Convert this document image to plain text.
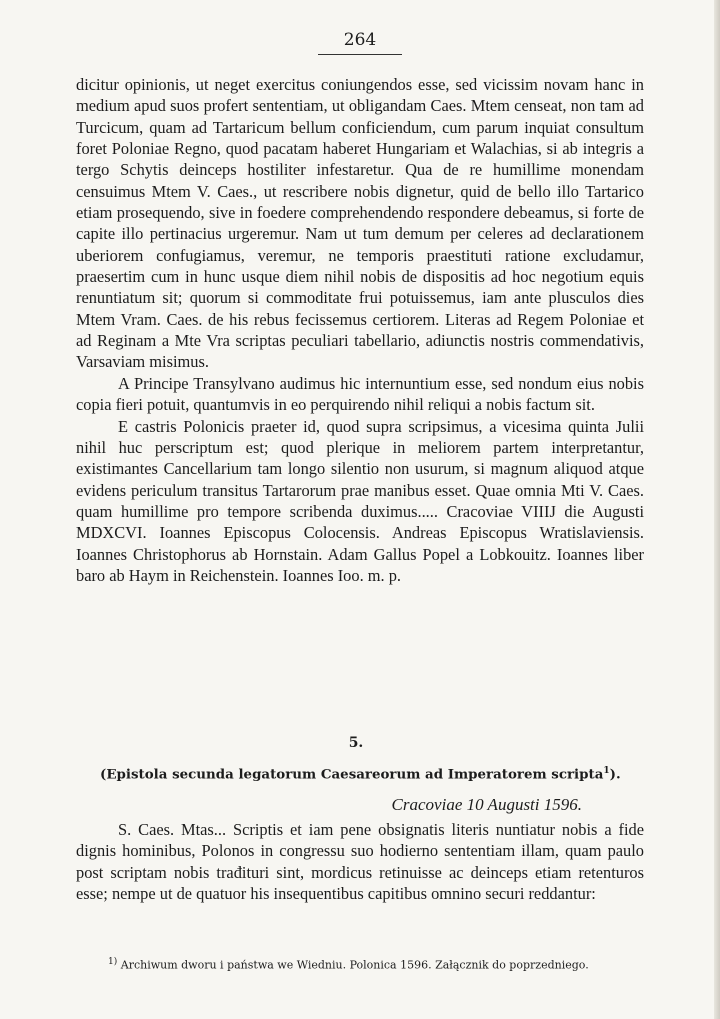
264

dicitur opinionis, ut neget exercitus coniungendos esse, sed vicissim novam hanc in medium apud suos profert sententiam, ut obligandam Caes. Mtem censeat, non tam ad Turcicum, quam ad Tartaricum bellum conficiendum, cum parum inquiat consultum foret Poloniae Regno, quod pacatam haberet Hungariam et Walachias, si ab integris a tergo Schytis deinceps hostiliter infestaretur. Qua de re humillime monendam censuimus Mtem V. Caes., ut rescribere nobis dignetur, quid de bello illo Tartarico etiam prosequendo, sive in foedere comprehendendo respondere debeamus, si forte de capite illo pertinacius urgeremur. Nam ut tum demum per celeres ad declarationem uberiorem confugiamus, veremur, ne temporis praestituti ratione excludamur, praesertim cum in hunc usque diem nihil nobis de dispositis ad hoc negotium equis renuntiatum sit; quorum si commoditate frui potuissemus, iam ante plusculos dies Mtem Vram. Caes. de his rebus fecissemus certiorem. Literas ad Regem Poloniae et ad Reginam a Mte Vra scriptas peculiari tabellario, adiunctis nostris commendativis, Varsaviam misimus.

A Principe Transylvano audimus hic internuntium esse, sed nondum eius nobis copia fieri potuit, quantumvis in eo perquirendo nihil reliqui a nobis factum sit.

E castris Polonicis praeter id, quod supra scripsimus, a vicesima quinta Julii nihil huc perscriptum est; quod plerique in meliorem partem interpretantur, existimantes Cancellarium tam longo silentio non usurum, si magnum aliquod atque evidens periculum transitus Tartarorum prae manibus esset. Quae omnia Mti V. Caes. quam humillime pro tempore scribenda duximus..... Cracoviae VIIIJ die Augusti MDXCVI. Ioannes Episcopus Colocensis. Andreas Episcopus Wratislaviensis. Ioannes Christophorus ab Hornstain. Adam Gallus Popel a Lobkouitz. Ioannes liber baro ab Haym in Reichenstein. Ioannes Ioo. m. p.

5.
(Epistola secunda legatorum Caesareorum ad Imperatorem scripta$^1$).
Cracoviae 10 Augusti 1596.

S. Caes. Mtas... Scriptis et iam pene obsignatis literis nuntiatur nobis a fide dignis hominibus, Polonos in congressu suo hodierno sententiam illam, quam paulo post scriptam nobis trađituri sint, mordicus retinuisse ac deinceps etiam retenturos esse; nempe ut de quatuor his insequentibus capitibus omnino securi reddantur:

$^{1)}$ Archiwum dworu i państwa we Wiedniu. Polonica 1596. Załącznik do poprzedniego.
